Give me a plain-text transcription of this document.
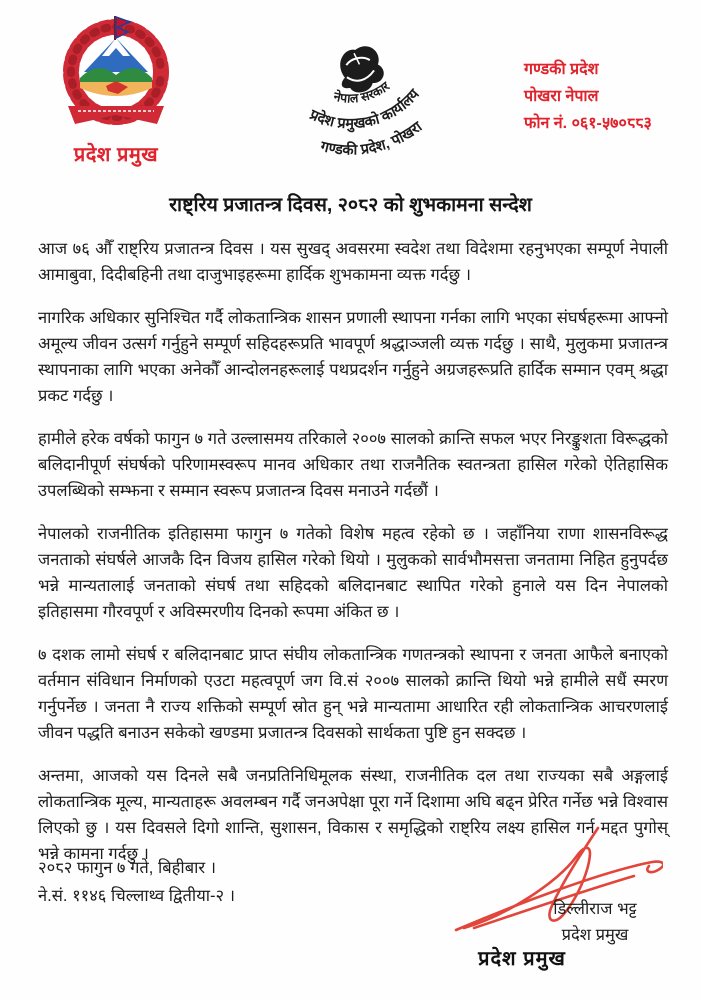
प्रदेश प्रमुख
नेपाल सरकार
प्रदेश प्रमुखको कार्यालय
गण्डकी प्रदेश, पोखरा
गण्डकी प्रदेश
पोखरा नेपाल
फोन नं. ०६१-५७०८८३
राष्ट्रिय प्रजातन्त्र दिवस, २०८२ को शुभकामना सन्देश

आज ७६ औँ राष्ट्रिय प्रजातन्त्र दिवस । यस सुखद् अवसरमा स्वदेश तथा विदेशमा रहनुभएका सम्पूर्ण नेपाली आमाबुवा, दिदीबहिनी तथा दाजुभाइहरूमा हार्दिक शुभकामना व्यक्त गर्दछु ।

नागरिक अधिकार सुनिश्चित गर्दै लोकतान्त्रिक शासन प्रणाली स्थापना गर्नका लागि भएका संघर्षहरूमा आफ्नो अमूल्य जीवन उत्सर्ग गर्नुहुने सम्पूर्ण सहिदहरूप्रति भावपूर्ण श्रद्धाञ्जली व्यक्त गर्दछु । साथै, मुलुकमा प्रजातन्त्र स्थापनाका लागि भएका अनेकौँ आन्दोलनहरूलाई पथप्रदर्शन गर्नुहुने अग्रजहरूप्रति हार्दिक सम्मान एवम् श्रद्धा प्रकट गर्दछु ।

हामीले हरेक वर्षको फागुन ७ गते उल्लासमय तरिकाले २००७ सालको क्रान्ति सफल भएर निरङ्कुशता विरूद्धको बलिदानीपूर्ण संघर्षको परिणामस्वरूप मानव अधिकार तथा राजनैतिक स्वतन्त्रता हासिल गरेको ऐतिहासिक उपलब्धिको सम्झना र सम्मान स्वरूप प्रजातन्त्र दिवस मनाउने गर्दछौं ।

नेपालको राजनीतिक इतिहासमा फागुन ७ गतेको विशेष महत्व रहेको छ । जहाँनिया राणा शासनविरूद्ध जनताको संघर्षले आजकै दिन विजय हासिल गरेको थियो । मुलुकको सार्वभौमसत्ता जनतामा निहित हुनुपर्दछ भन्ने मान्यतालाई जनताको संघर्ष तथा सहिदको बलिदानबाट स्थापित गरेको हुनाले यस दिन नेपालको इतिहासमा गौरवपूर्ण र अविस्मरणीय दिनको रूपमा अंकित छ ।

७ दशक लामो संघर्ष र बलिदानबाट प्राप्त संघीय लोकतान्त्रिक गणतन्त्रको स्थापना र जनता आफैले बनाएको वर्तमान संविधान निर्माणको एउटा महत्वपूर्ण जग वि.सं २००७ सालको क्रान्ति थियो भन्ने हामीले सधैं स्मरण गर्नुपर्नेछ । जनता नै राज्य शक्तिको सम्पूर्ण स्रोत हुन् भन्ने मान्यतामा आधारित रही लोकतान्त्रिक आचरणलाई जीवन पद्धति बनाउन सकेको खण्डमा प्रजातन्त्र दिवसको सार्थकता पुष्टि हुन सक्दछ ।

अन्तमा, आजको यस दिनले सबै जनप्रतिनिधिमूलक संस्था, राजनीतिक दल तथा राज्यका सबै अङ्गलाई लोकतान्त्रिक मूल्य, मान्यताहरू अवलम्बन गर्दै जनअपेक्षा पूरा गर्ने दिशामा अघि बढ्न प्रेरित गर्नेछ भन्ने विश्वास लिएको छु । यस दिवसले दिगो शान्ति, सुशासन, विकास र समृद्धिको राष्ट्रिय लक्ष्य हासिल गर्न मद्दत पुगोस् भन्ने कामना गर्दछु ।

२०८२ फागुन ७ गते, बिहीबार ।
ने.सं. ११४६ चिल्लाथ्व द्वितीया-२ ।
डिल्लीराज भट्ट
प्रदेश प्रमुख
प्रदेश प्रमुख
